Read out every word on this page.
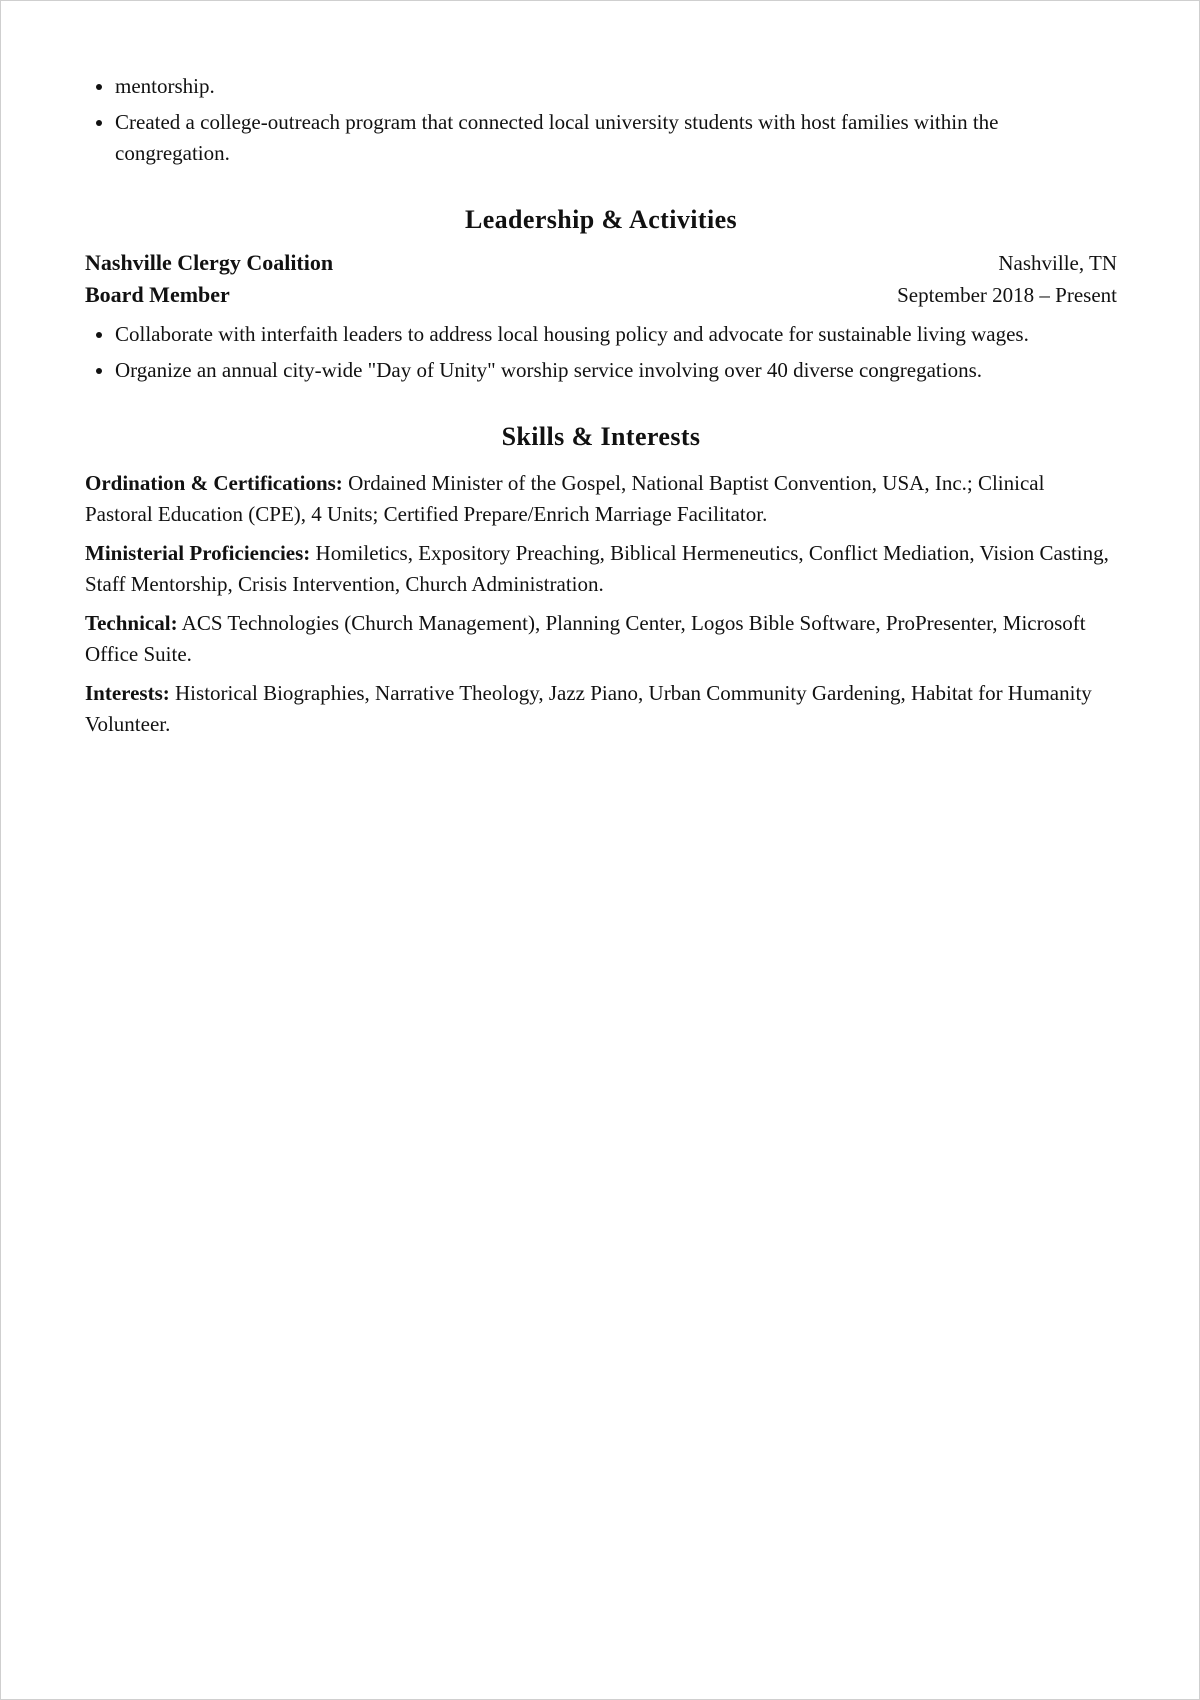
• mentorship.
• Created a college-outreach program that connected local university students with host families within the congregation.
Leadership & Activities
Nashville Clergy Coalition	Nashville, TN
Board Member	September 2018 – Present
• Collaborate with interfaith leaders to address local housing policy and advocate for sustainable living wages.
• Organize an annual city-wide "Day of Unity" worship service involving over 40 diverse congregations.
Skills & Interests

Ordination & Certifications: Ordained Minister of the Gospel, National Baptist Convention, USA, Inc.; Clinical Pastoral Education (CPE), 4 Units; Certified Prepare/Enrich Marriage Facilitator.

Ministerial Proficiencies: Homiletics, Expository Preaching, Biblical Hermeneutics, Conflict Mediation, Vision Casting, Staff Mentorship, Crisis Intervention, Church Administration.

Technical: ACS Technologies (Church Management), Planning Center, Logos Bible Software, ProPresenter, Microsoft Office Suite.

Interests: Historical Biographies, Narrative Theology, Jazz Piano, Urban Community Gardening, Habitat for Humanity Volunteer.
